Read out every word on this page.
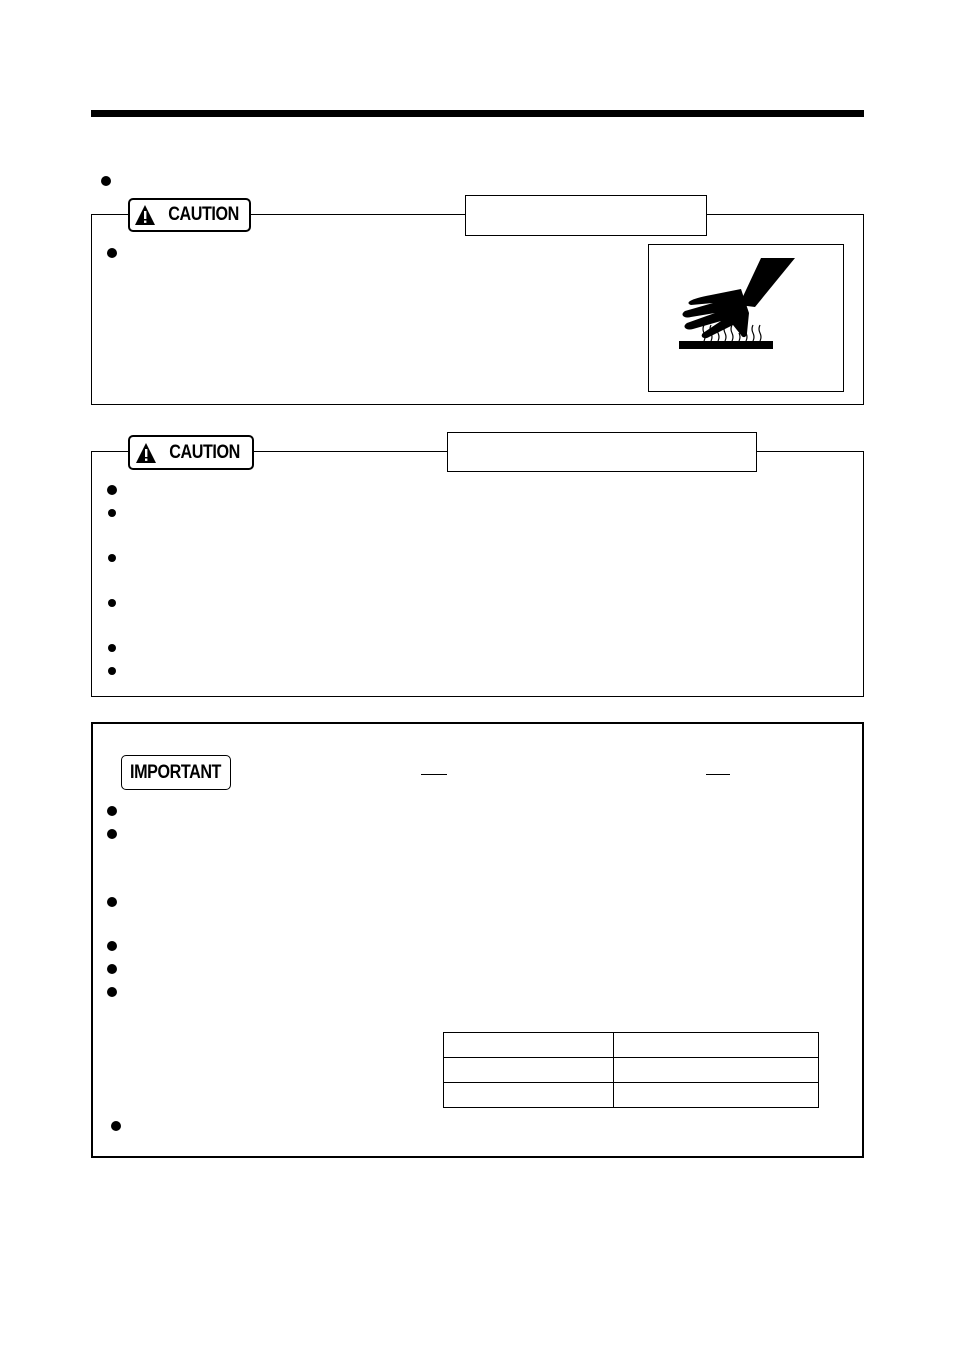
CAUTION
CAUTION
IMPORTANT
